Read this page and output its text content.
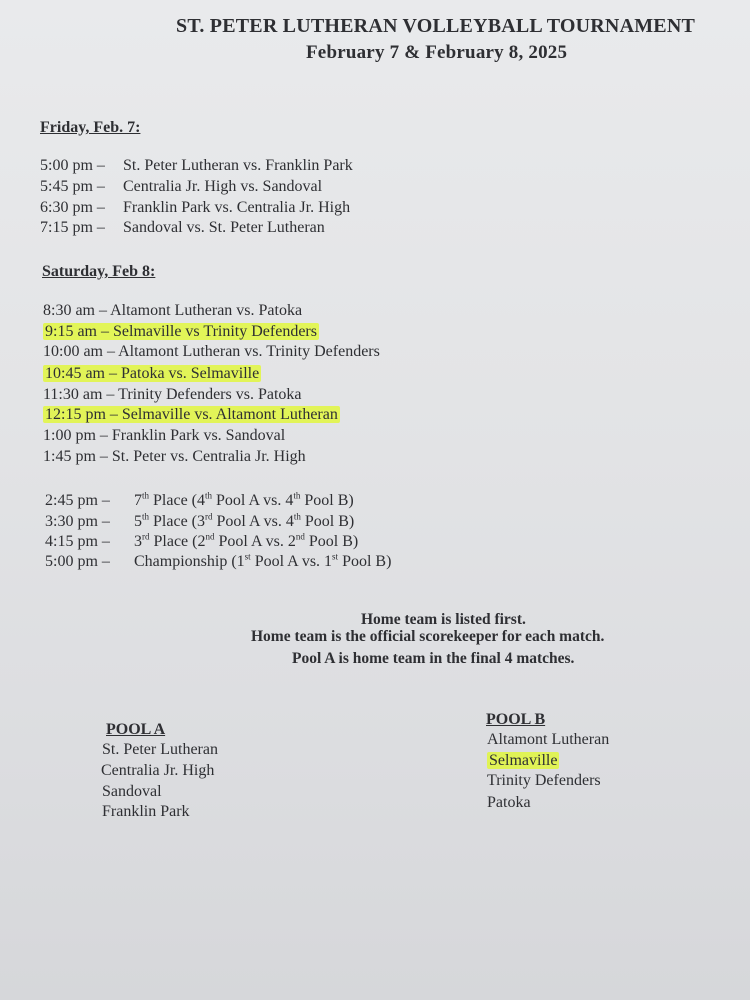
ST. PETER LUTHERAN VOLLEYBALL TOURNAMENT
February 7 & February 8, 2025
Friday, Feb. 7:
5:00 pm – St. Peter Lutheran vs. Franklin Park
5:45 pm – Centralia Jr. High vs. Sandoval
6:30 pm – Franklin Park vs. Centralia Jr. High
7:15 pm – Sandoval vs. St. Peter Lutheran
Saturday, Feb 8:
8:30 am – Altamont Lutheran vs. Patoka
9:15 am – Selmaville vs Trinity Defenders
10:00 am – Altamont Lutheran vs. Trinity Defenders
10:45 am – Patoka vs. Selmaville
11:30 am – Trinity Defenders vs. Patoka
12:15 pm – Selmaville vs. Altamont Lutheran
1:00 pm – Franklin Park vs. Sandoval
1:45 pm – St. Peter vs. Centralia Jr. High
2:45 pm – 7th Place (4th Pool A vs. 4th Pool B)
3:30 pm – 5th Place (3rd Pool A vs. 4th Pool B)
4:15 pm – 3rd Place (2nd Pool A vs. 2nd Pool B)
5:00 pm – Championship (1st Pool A vs. 1st Pool B)
Home team is listed first.
Home team is the official scorekeeper for each match.
Pool A is home team in the final 4 matches.
POOL A
St. Peter Lutheran
Centralia Jr. High
Sandoval
Franklin Park
POOL B
Altamont Lutheran
Selmaville
Trinity Defenders
Patoka
